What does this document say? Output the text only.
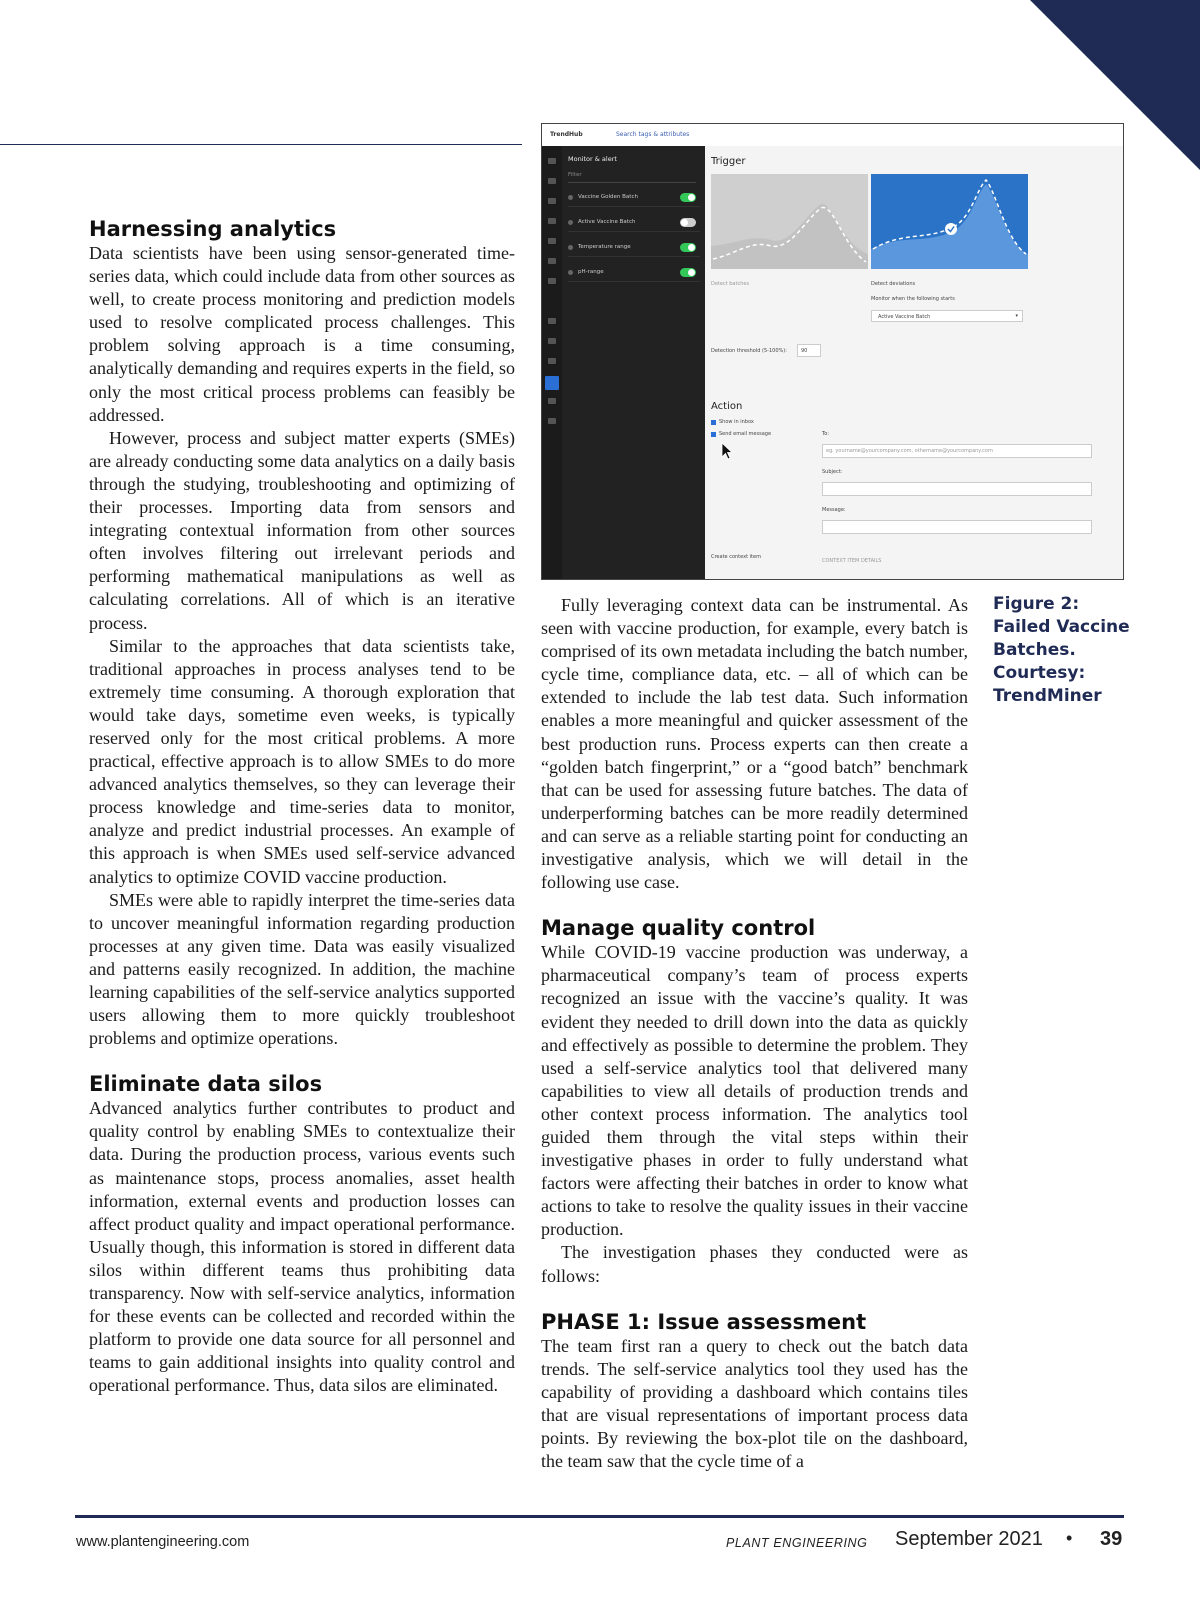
Harnessing analytics

Data scientists have been using sensor-generated time-series data, which could include data from other sources as well, to create process monitoring and prediction models used to resolve complicated process challenges. This problem solving approach is a time consuming, analytically demanding and requires experts in the field, so only the most critical process problems can feasibly be addressed.

However, process and subject matter experts (SMEs) are already conducting some data analytics on a daily basis through the studying, troubleshooting and optimizing of their processes. Importing data from sensors and integrating contextual information from other sources often involves filtering out irrelevant periods and performing mathematical manipulations as well as calculating correlations. All of which is an iterative process.

Similar to the approaches that data scientists take, traditional approaches in process analyses tend to be extremely time consuming. A thorough exploration that would take days, sometime even weeks, is typically reserved only for the most critical problems. A more practical, effective approach is to allow SMEs to do more advanced analytics themselves, so they can leverage their process knowledge and time-series data to monitor, analyze and predict industrial processes. An example of this approach is when SMEs used self-service advanced analytics to optimize COVID vaccine production.

SMEs were able to rapidly interpret the time-series data to uncover meaningful information regarding production processes at any given time. Data was easily visualized and patterns easily recognized. In addition, the machine learning capabilities of the self-service analytics supported users allowing them to more quickly troubleshoot problems and optimize operations.

Eliminate data silos

Advanced analytics further contributes to product and quality control by enabling SMEs to contextualize their data. During the production process, various events such as maintenance stops, process anomalies, asset health information, external events and production losses can affect product quality and impact operational performance. Usually though, this information is stored in different data silos within different teams thus prohibiting data transparency. Now with self-service analytics, information for these events can be collected and recorded within the platform to provide one data source for all personnel and teams to gain additional insights into quality control and operational performance. Thus, data silos are eliminated.

TrendHub	Search tags & attributes
Monitor & alert
Filter
Vaccine Golden Batch
Active Vaccine Batch
Temperature range
pH-range
Trigger
Detect batches	Detect deviations
Monitor when the following starts
Active Vaccine Batch	▾
Detection threshold (5-100%):	90
Action
Show in inbox
Send email message	To:
eg. yourname@yourcompany.com, othername@yourcompany.com
Subject:
Message:
Create context item
CONTEXT ITEM DETAILS
Figure 2:
Failed Vaccine
Batches.
Courtesy:
TrendMiner

Fully leveraging context data can be instrumental. As seen with vaccine production, for example, every batch is comprised of its own metadata including the batch number, cycle time, compliance data, etc. – all of which can be extended to include the lab test data. Such information enables a more meaningful and quicker assessment of the best production runs. Process experts can then create a “golden batch fingerprint,” or a “good batch” benchmark that can be used for assessing future batches. The data of underperforming batches can be more readily determined and can serve as a reliable starting point for conducting an investigative analysis, which we will detail in the following use case.

Manage quality control

While COVID-19 vaccine production was underway, a pharmaceutical company’s team of process experts recognized an issue with the vaccine’s quality. It was evident they needed to drill down into the data as quickly and effectively as possible to determine the problem. They used a self-service analytics tool that delivered many capabilities to view all details of production trends and other context process information. The analytics tool guided them through the vital steps within their investigative phases in order to fully understand what factors were affecting their batches in order to know what actions to take to resolve the quality issues in their vaccine production.

The investigation phases they conducted were as follows:

PHASE 1: Issue assessment

The team first ran a query to check out the batch data trends. The self-service analytics tool they used has the capability of providing a dashboard which contains tiles that are visual representations of important process data points. By reviewing the box-plot tile on the dashboard, the team saw that the cycle time of a

www.plantengineering.com	PLANT ENGINEERING September 2021 • 39
